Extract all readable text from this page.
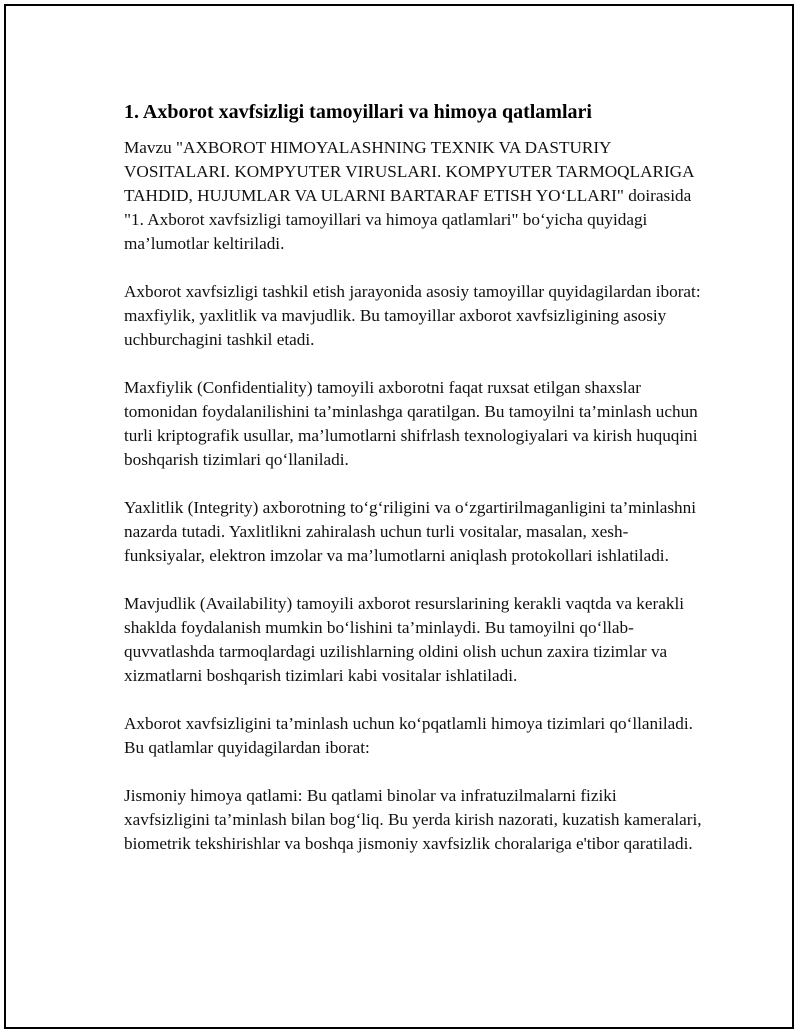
1. Axborot xavfsizligi tamoyillari va himoya qatlamlari

Mavzu "AXBOROT HIMOYALASHNING TEXNIK VA DASTURIY VOSITALARI. KOMPYUTER VIRUSLARI. KOMPYUTER TARMOQLARIGA TAHDID, HUJUMLAR VA ULARNI BARTARAF ETISH YO‘LLARI" doirasida "1. Axborot xavfsizligi tamoyillari va himoya qatlamlari" bo‘yicha quyidagi ma’lumotlar keltiriladi.

Axborot xavfsizligi tashkil etish jarayonida asosiy tamoyillar quyidagilardan iborat: maxfiylik, yaxlitlik va mavjudlik. Bu tamoyillar axborot xavfsizligining asosiy uchburchagini tashkil etadi.

Maxfiylik (Confidentiality) tamoyili axborotni faqat ruxsat etilgan shaxslar tomonidan foydalanilishini ta’minlashga qaratilgan. Bu tamoyilni ta’minlash uchun turli kriptografik usullar, ma’lumotlarni shifrlash texnologiyalari va kirish huquqini boshqarish tizimlari qo‘llaniladi.

Yaxlitlik (Integrity) axborotning to‘g‘riligini va o‘zgartirilmaganligini ta’minlashni nazarda tutadi. Yaxlitlikni zahiralash uchun turli vositalar, masalan, xesh-funksiyalar, elektron imzolar va ma’lumotlarni aniqlash protokollari ishlatiladi.

Mavjudlik (Availability) tamoyili axborot resurslarining kerakli vaqtda va kerakli shaklda foydalanish mumkin bo‘lishini ta’minlaydi. Bu tamoyilni qo‘llab-quvvatlashda tarmoqlardagi uzilishlarning oldini olish uchun zaxira tizimlar va xizmatlarni boshqarish tizimlari kabi vositalar ishlatiladi.

Axborot xavfsizligini ta’minlash uchun ko‘pqatlamli himoya tizimlari qo‘llaniladi. Bu qatlamlar quyidagilardan iborat:

Jismoniy himoya qatlami: Bu qatlami binolar va infratuzilmalarni fiziki xavfsizligini ta’minlash bilan bog‘liq. Bu yerda kirish nazorati, kuzatish kameralari, biometrik tekshirishlar va boshqa jismoniy xavfsizlik choralariga e'tibor qaratiladi.
